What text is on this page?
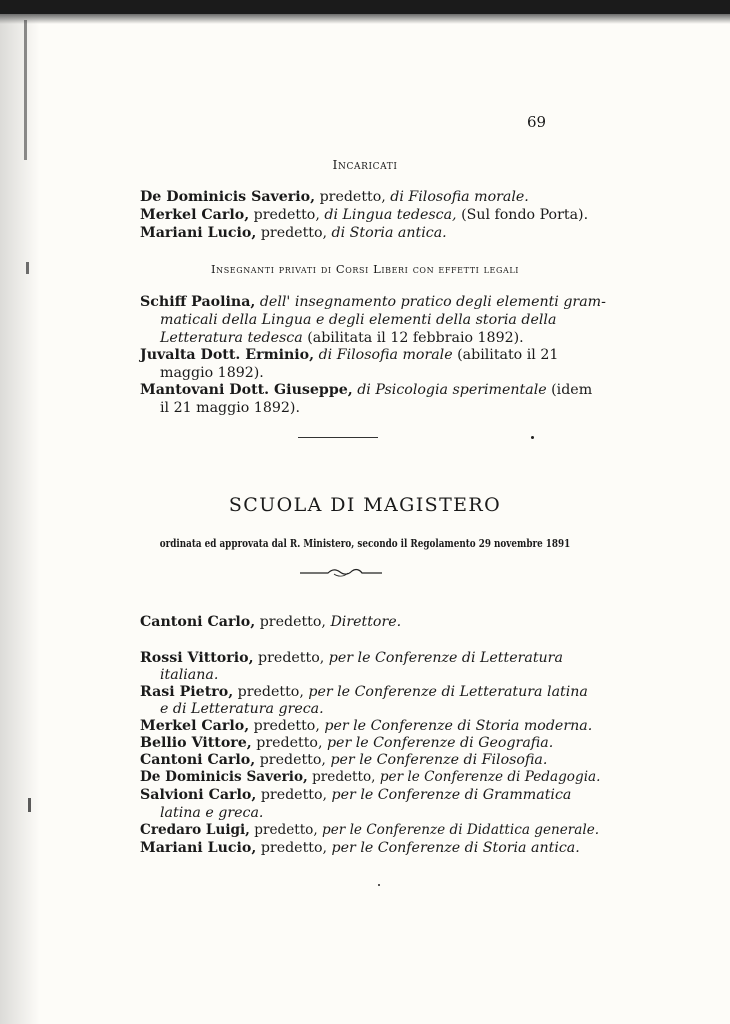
69
Incaricati
De Dominicis Saverio, predetto, di Filosofia morale.
Merkel Carlo, predetto, di Lingua tedesca, (Sul fondo Porta).
Mariani Lucio, predetto, di Storia antica.
Insegnanti privati di Corsi Liberi con effetti legali
Schiff Paolina, dell' insegnamento pratico degli elementi gram-
maticali della Lingua e degli elementi della storia della
Letteratura tedesca (abilitata il 12 febbraio 1892).
Juvalta Dott. Erminio, di Filosofia morale (abilitato il 21
maggio 1892).
Mantovani Dott. Giuseppe, di Psicologia sperimentale (idem
il 21 maggio 1892).
SCUOLA DI MAGISTERO
ordinata ed approvata dal R. Ministero, secondo il Regolamento 29 novembre 1891
Cantoni Carlo, predetto, Direttore.
Rossi Vittorio, predetto, per le Conferenze di Letteratura
italiana.
Rasi Pietro, predetto, per le Conferenze di Letteratura latina
e di Letteratura greca.
Merkel Carlo, predetto, per le Conferenze di Storia moderna.
Bellio Vittore, predetto, per le Conferenze di Geografia.
Cantoni Carlo, predetto, per le Conferenze di Filosofia.
De Dominicis Saverio, predetto, per le Conferenze di Pedagogia.
Salvioni Carlo, predetto, per le Conferenze di Grammatica
latina e greca.
Credaro Luigi, predetto, per le Conferenze di Didattica generale.
Mariani Lucio, predetto, per le Conferenze di Storia antica.
